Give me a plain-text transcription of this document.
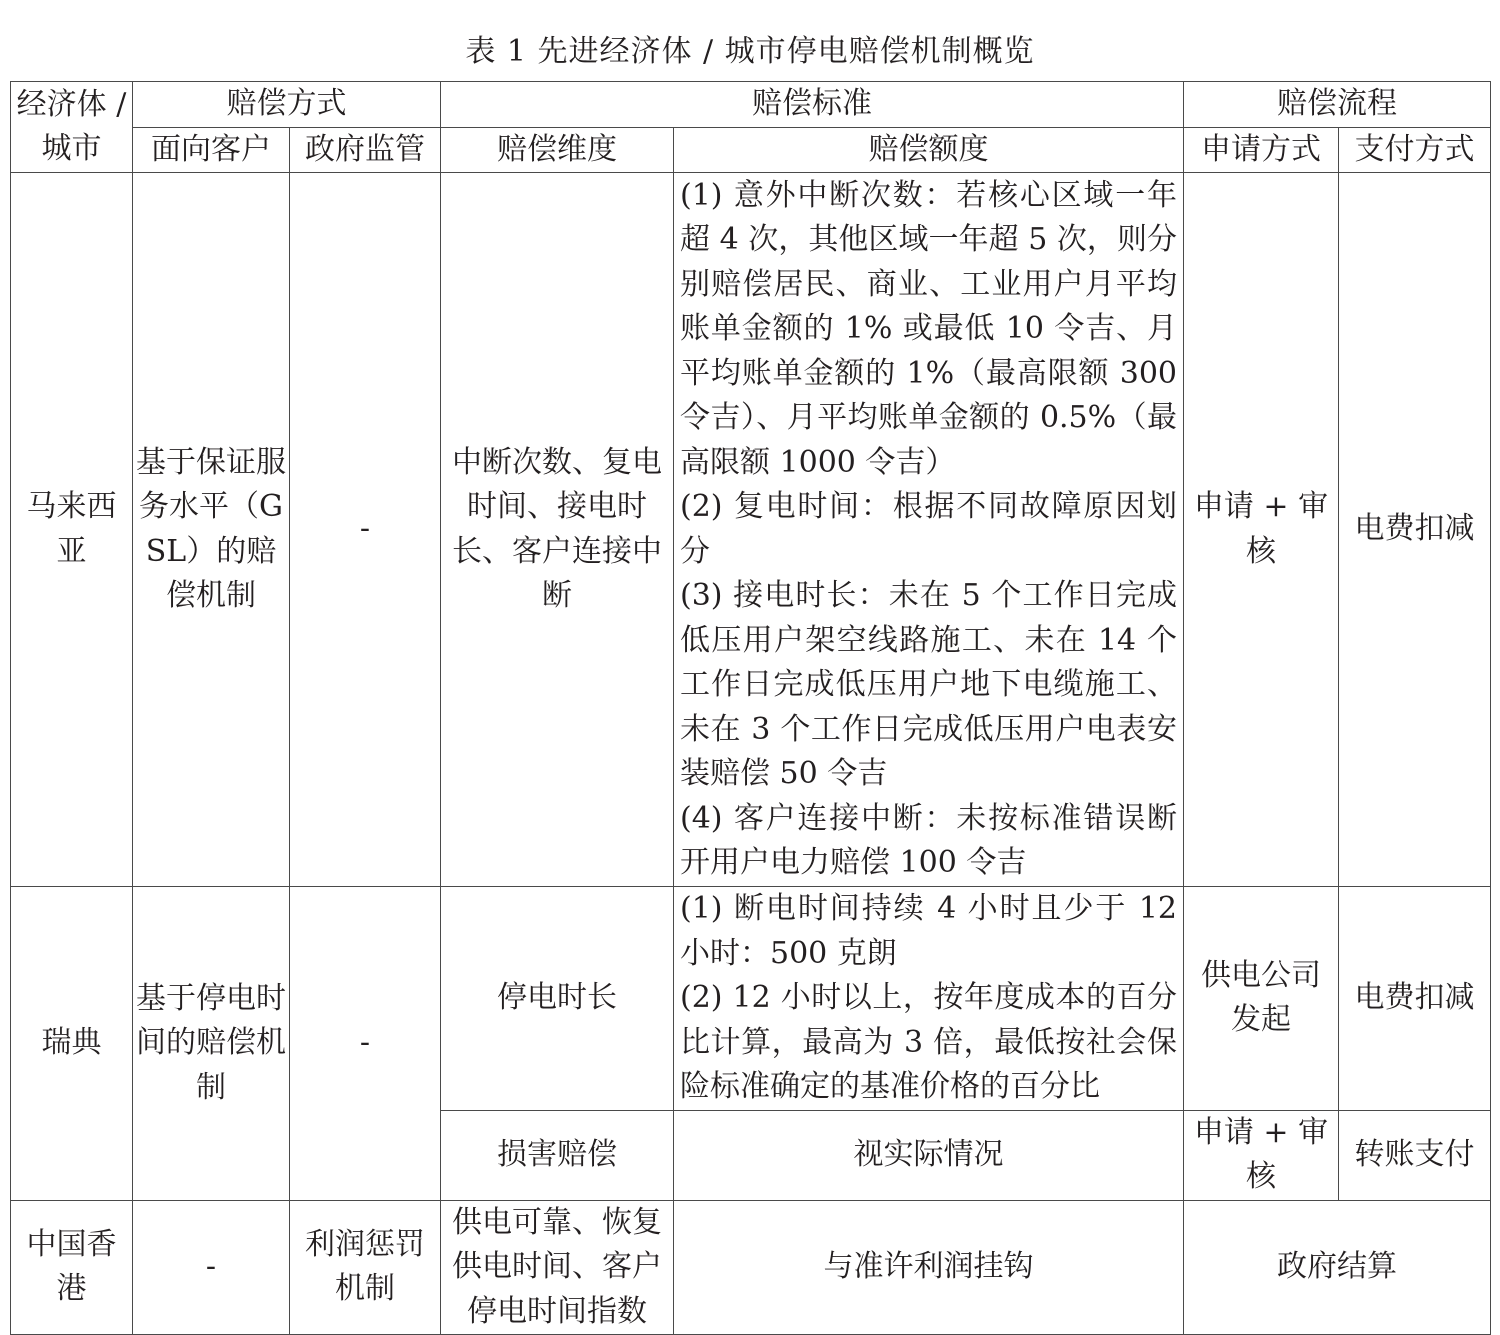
表 1 先进经济体 / 城市停电赔偿机制概览
经济体 / 城市	赔偿方式		赔偿标准		赔偿流程	
	面向客户	政府监管	赔偿维度	赔偿额度	申请方式	支付方式
马来西亚	基于保证服务水平（GSL）的赔偿机制	-	中断次数、复电时间、接电时长、客户连接中断	(1) 意外中断次数：若核心区域一年超 4 次，其他区域一年超 5 次，则分别赔偿居民、商业、工业用户月平均账单金额的 1% 或最低 10 令吉、月平均账单金额的 1%（最高限额 300 令吉）、月平均账单金额的 0.5%（最高限额 1000 令吉）
(2) 复电时间：根据不同故障原因划分
(3) 接电时长：未在 5 个工作日完成低压用户架空线路施工、未在 14 个工作日完成低压用户地下电缆施工、未在 3 个工作日完成低压用户电表安装赔偿 50 令吉
(4) 客户连接中断：未按标准错误断开用户电力赔偿 100 令吉	申请 + 审核	电费扣减
瑞典	基于停电时间的赔偿机制	-	停电时长	(1) 断电时间持续 4 小时且少于 12 小时：500 克朗
(2) 12 小时以上，按年度成本的百分比计算，最高为 3 倍，最低按社会保险标准确定的基准价格的百分比	供电公司发起	电费扣减
			损害赔偿	视实际情况	申请 + 审核	转账支付
中国香港	-	利润惩罚机制	供电可靠、恢复供电时间、客户停电时间指数	与准许利润挂钩	政府结算	
